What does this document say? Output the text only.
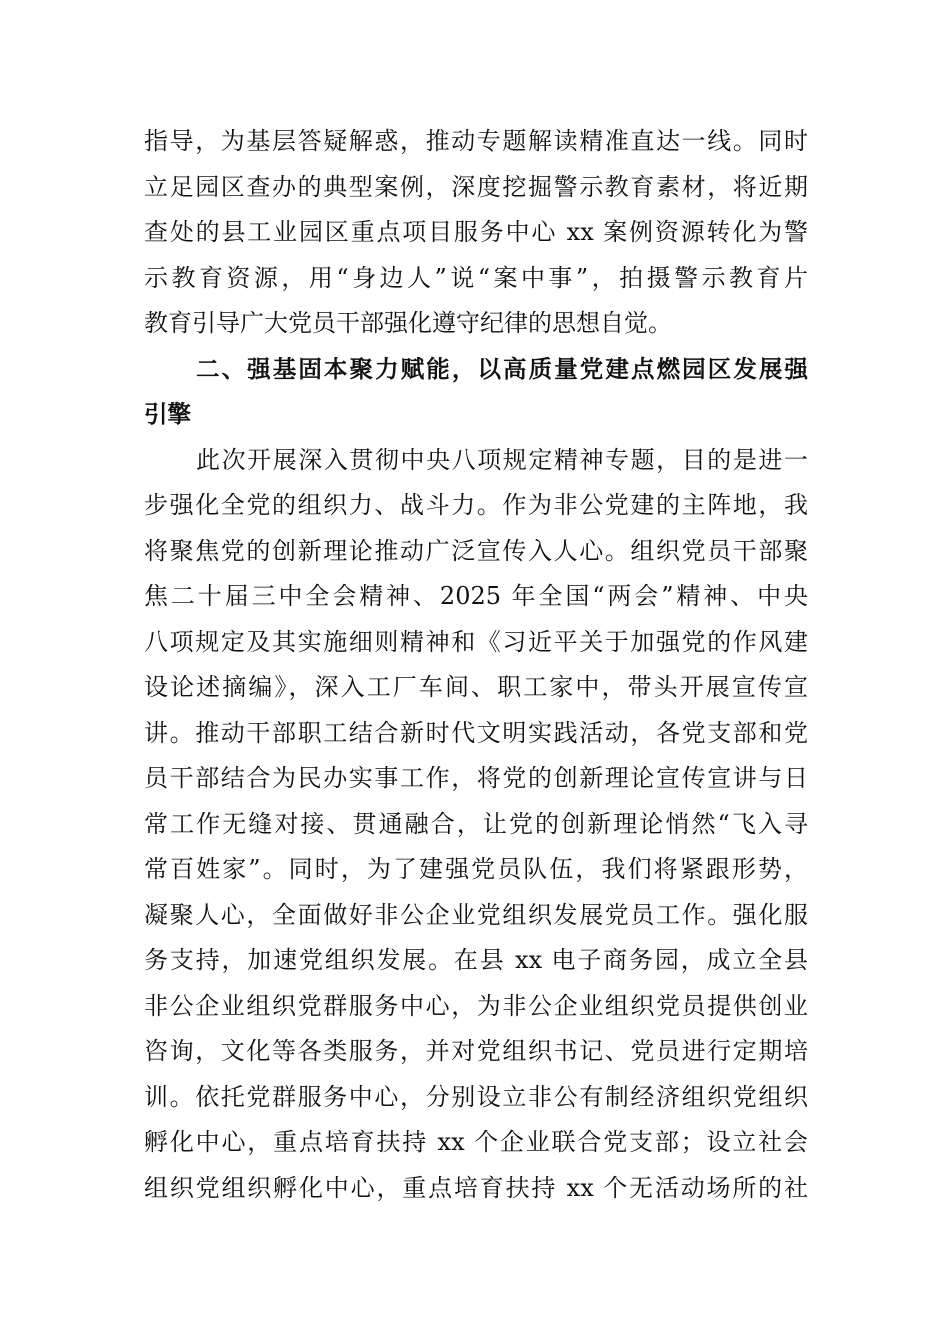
指导，为基层答疑解惑，推动专题解读精准直达一线。同时
立足园区查办的典型案例，深度挖掘警示教育素材，将近期
查处的县工业园区重点项目服务中心 xx 案例资源转化为警
示教育资源，用“身边人”说“案中事”，拍摄警示教育片
教育引导广大党员干部强化遵守纪律的思想自觉。
二、强基固本聚力赋能，以高质量党建点燃园区发展强
引擎
此次开展深入贯彻中央八项规定精神专题，目的是进一
步强化全党的组织力、战斗力。作为非公党建的主阵地，我
将聚焦党的创新理论推动广泛宣传入人心。组织党员干部聚
焦二十届三中全会精神、2025 年全国“两会”精神、中央
八项规定及其实施细则精神和《习近平关于加强党的作风建
设论述摘编》，深入工厂车间、职工家中，带头开展宣传宣
讲。推动干部职工结合新时代文明实践活动，各党支部和党
员干部结合为民办实事工作，将党的创新理论宣传宣讲与日
常工作无缝对接、贯通融合，让党的创新理论悄然“飞入寻
常百姓家”。同时，为了建强党员队伍，我们将紧跟形势，
凝聚人心，全面做好非公企业党组织发展党员工作。强化服
务支持，加速党组织发展。在县 xx 电子商务园，成立全县
非公企业组织党群服务中心，为非公企业组织党员提供创业
咨询，文化等各类服务，并对党组织书记、党员进行定期培
训。依托党群服务中心，分别设立非公有制经济组织党组织
孵化中心，重点培育扶持 xx 个企业联合党支部；设立社会
组织党组织孵化中心，重点培育扶持 xx 个无活动场所的社
